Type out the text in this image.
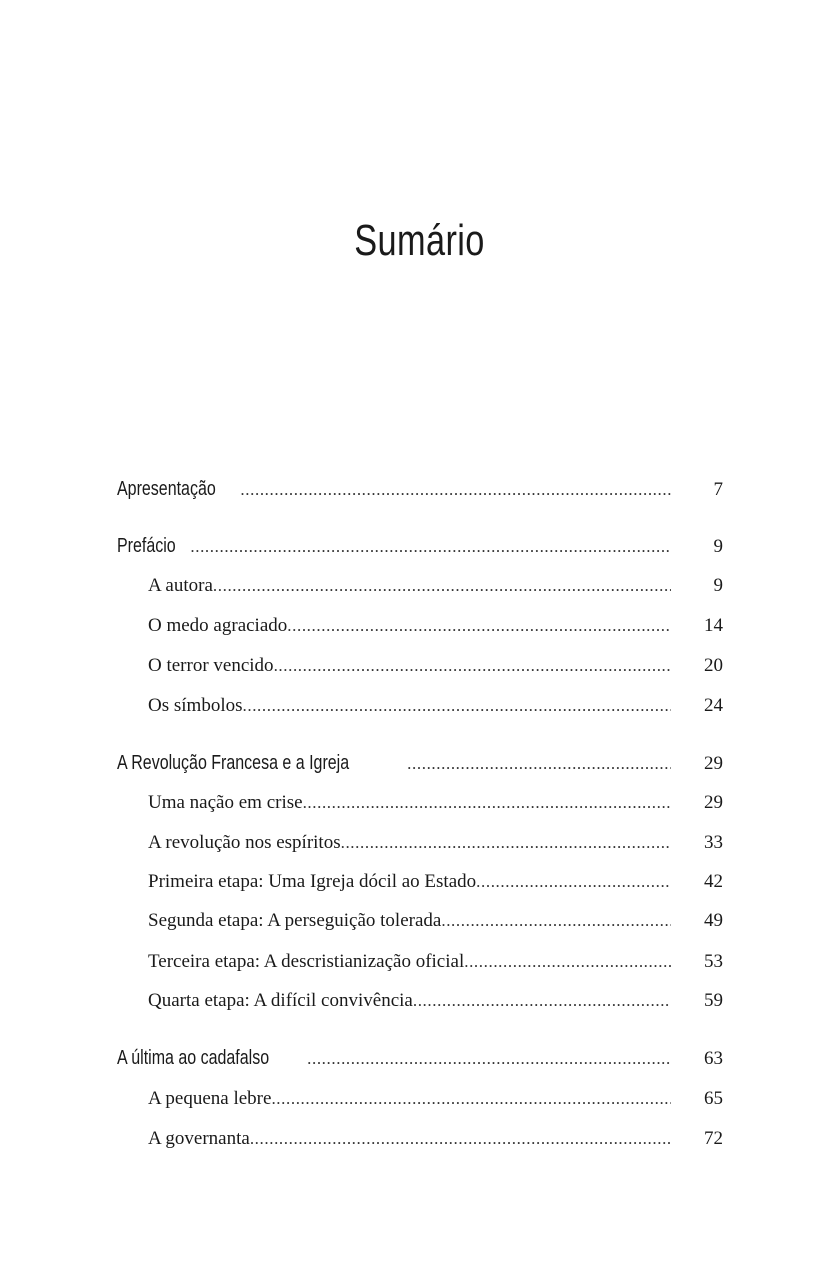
Sumário
Apresentação .....	7
Prefácio .....	9
A autora .....	9
O medo agraciado .....	14
O terror vencido .....	20
Os símbolos .....	24
A Revolução Francesa e a Igreja .....	29
Uma nação em crise .....	29
A revolução nos espíritos .....	33
Primeira etapa: Uma Igreja dócil ao Estado .....	42
Segunda etapa: A perseguição tolerada .....	49
Terceira etapa: A descristianização oficial .....	53
Quarta etapa: A difícil convivência .....	59
A última ao cadafalso .....	63
A pequena lebre .....	65
A governanta .....	72
